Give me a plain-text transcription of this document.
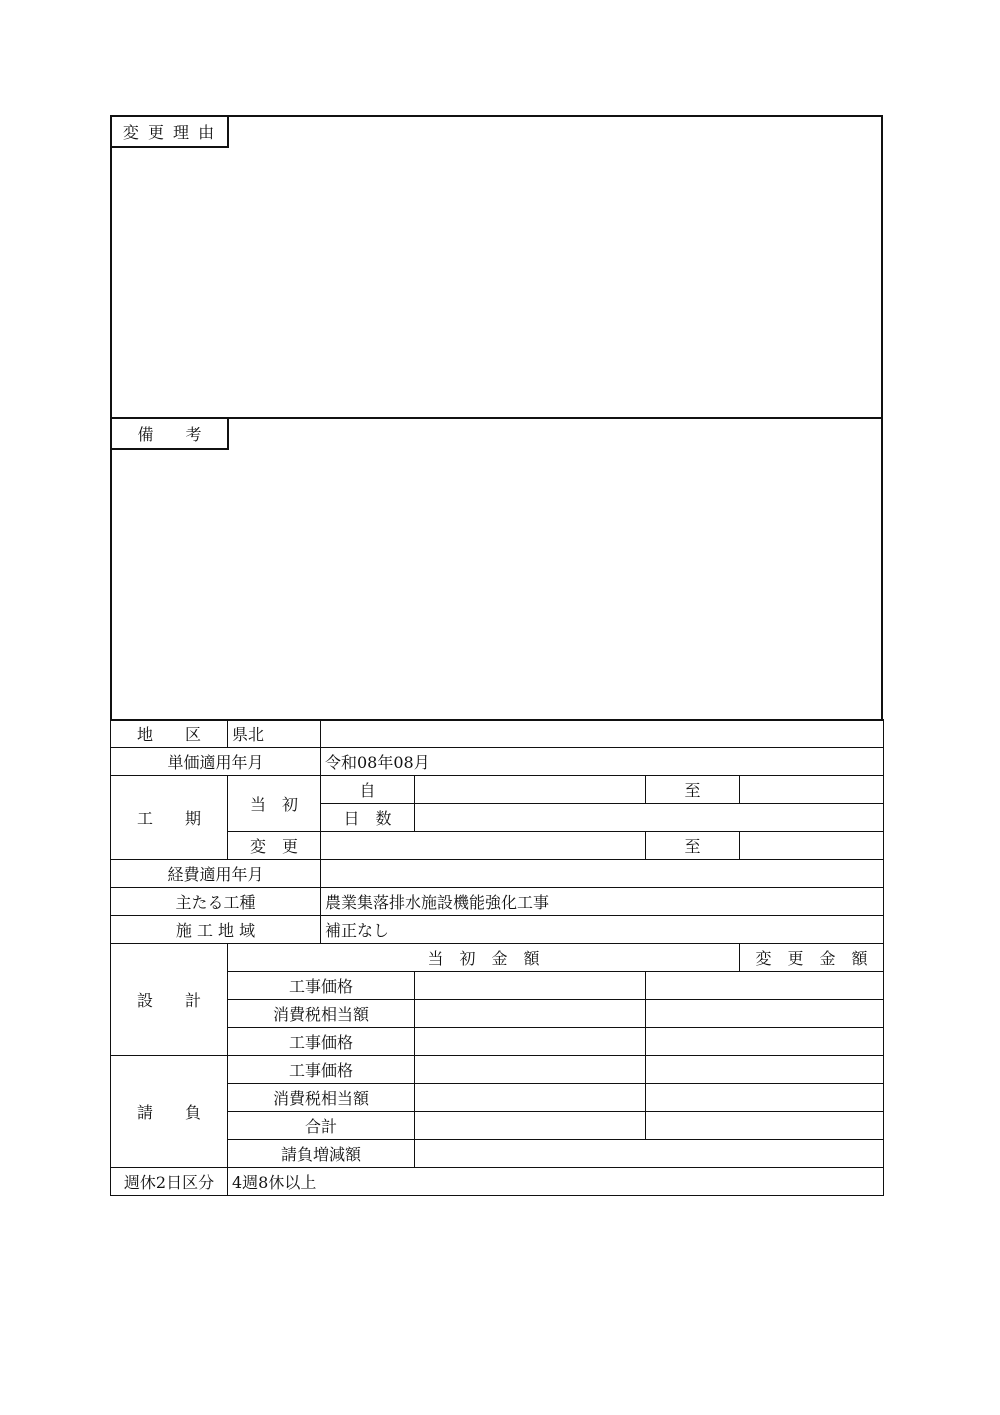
変 更 理 由
備　　考
地　　区	県北				
単価適用年月		令和08年08月			
工　　期	当　初	自		至	
		日　数			
	変　更			至	
経費適用年月					
主たる工種		農業集落排水施設機能強化工事			
施 工 地 域		補正なし			
設　　計	当　初　金　額				変　更　金　額
	工事価格				
	消費税相当額				
	工事価格				
請　　負	工事価格				
	消費税相当額				
	合計				
	請負増減額				
週休2日区分	4週8休以上				
